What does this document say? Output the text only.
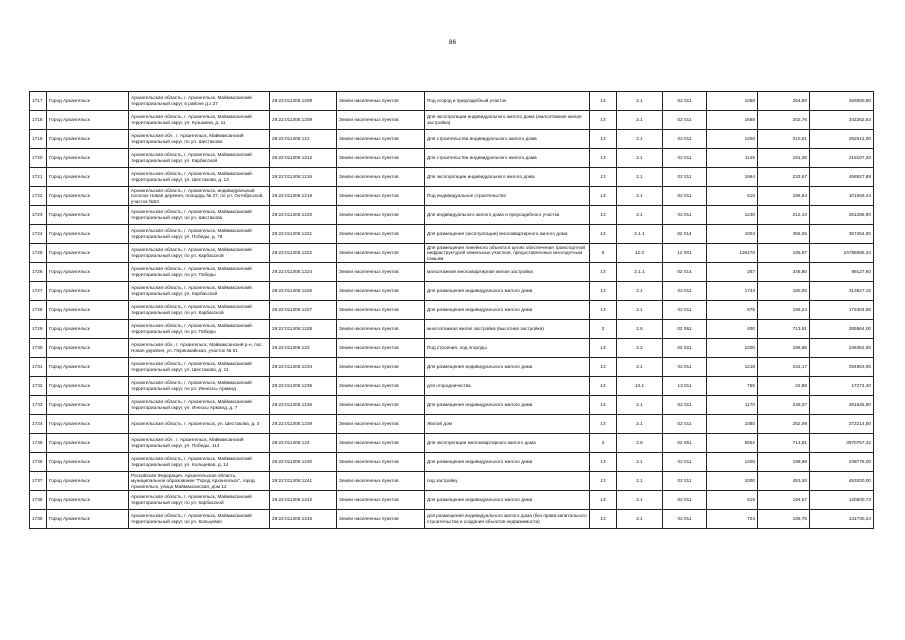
86
1717	Город Архангельск	Архангельская область, г. Архангельск, Маймаксанский территориальный округ, в районе д.з 27	29:22:011306:1208	Земли населенных пунктов	Под огород и приусадебный участок	13	2.1	02 011	1058	254,80	269550,80
1718	Город Архангельск	Архангельская область, г. Архангельск, Маймаксанский территориальный округ, ул. Кузьмина, д. 11	29:22:011306:1209	Земли населенных пунктов	Для эксплуатации индивидуального жилого дома (малоэтажная жилая застройка)	13	2.1	02 011	1688	202,76	342262,64
1719	Город Архангельск	Архангельская обл., г. Архангельск, Маймаксанский территориальный округ, по ул. Шестакова	29:22:011306:121	Земли населенных пунктов	Для строительства индивидуального жилого дома	13	2.1	02 011	1200	210,51	252612,00
1720	Город Архангельск	Архангельская область, г. Архангельск, Маймаксанский территориальный округ, ул. Карбасской	29:22:011306:1212	Земли населенных пунктов	Для строительства индивидуального жилого дома	13	2.1	02 011	1145	191,36	219107,20
1721	Город Архангельск	Архангельская область, г. Архангельск, Маймаксанский территориальный округ, ул. Шестакова, д. 13	29:22:011306:1216	Земли населенных пунктов	Для эксплуатации индивидуального жилого дома	13	2.1	02 011	1964	233,67	458927,88
1722	Город Архангельск	Архангельская область, г. Архангельск, индивидуальный поселок Новая деревня, площадь № 27, по ул. Октябрьской, участок №53	29:22:011306:1219	Земли населенных пунктов	Под индивидуальное строительство	13	2.1	02 011	518	196,84	101569,44
1723	Город Архангельск	Архангельская область, г. Архангельск, Маймаксанский территориальный округ, по ул. Шестакова	29:22:011306:1220	Земли населенных пунктов	Для индивидуального жилого дома и приусадебного участка	13	2.1	02 011	1230	212,43	261288,90
1724	Город Архангельск	Архангельская область, г. Архангельск, Маймаксанский территориальный округ, ул. Победы, д. 78	29:22:011306:1221	Земли населенных пунктов	Для размещения (эксплуатации) многоквартирного жилого дома	13	2.1.1	02 014	1004	366,06	367454,00
1725	Город Архангельск	Архангельская область, г. Архангельск, Маймаксанский территориальный округ, по ул. Карбасской	29:22:011306:1222	Земли населенных пунктов	Для размещения линейного объекта в целях обеспечения транспортной инфраструктурой земельных участков, предоставленных многодетным семьям	6	12.0	12 001	126478	195,97	24785085,34
1726	Город Архангельск	Архангельская область, г. Архангельск, Маймаксанский территориальный округ, по ул. Победы	29:22:011306:1224	Земли населенных пунктов	малоэтажная многоквартирная жилая застройка	13	2.1.1	02 014	257	346,80	89127,60
1727	Город Архангельск	Архангельская область, г. Архангельск, Маймаксанский территориальный округ, ул. Карбасской	29:22:011306:1226	Земли населенных пунктов	Для размещения индивидуального жилого дома	13	2.1	02 011	1743	180,05	313827,15
1728	Город Архангельск	Архангельская область, г. Архангельск, Маймаксанский территориальный округ, по ул. Карбасской	29:22:011306:1227	Земли населенных пунктов	Для размещения индивидуального жилого дома	13	2.1	02 011	876	196,24	172404,95
1729	Город Архангельск	Архангельская область, г. Архангельск, Маймаксанский территориальный округ, по ул. Победы	29:22:011306:1228	Земли населенных пунктов	многоэтажная жилая застройка (высотная застройка)	2	2.6	02 061	400	713,91	285564,00
1730	Город Архангельск	Архангельская обл., г. Архангельск, Маймаксанский р-н, пос. Новая деревня, ул. Первомайская, участок № 51	29:22:011306:123	Земли населенных пунктов	Под строения, под огороды	13	2.2	02 021	1200	196,96	236352,00
1731	Город Архангельск	Архангельская область, г. Архангельск, Маймаксанский территориальный округ, ул. Шестакова, д. 11	29:22:011306:1234	Земли населенных пунктов	Для размещения индивидуального жилого дома	13	2.1	02 011	1218	242,17	294963,06
1732	Город Архангельск	Архангельская область, г. Архангельск, Маймаксанский территориальный округ, по ул. Иннессы Арманд	29:22:011306:1235	Земли населенных пунктов	для огородничества	13	13.1	13 011	755	22,88	17274,40
1733	Город Архангельск	Архангельская область, г. Архангельск, Маймаксанский территориальный округ, ул. Инессы Арманд, д. 7	29:22:011306:1236	Земли населенных пунктов	Для размещения индивидуального жилого дома	13	2.1	02 011	1170	249,27	291645,90
1734	Город Архангельск	Архангельская область, г. Архангельск, ул. Шестакова, д. 3	29:22:011306:1239	Земли населенных пунктов	Жилой дом	13	2.1	02 011	1080	252,09	272214,00
1735	Город Архангельск	Архангельская обл., г. Архангельск, Маймаксанский территориальный округ, ул. Победы, 114	29:22:011306:124	Земли населенных пунктов	Для эксплуатации многоквартирного жилого дома	2	2.5	02 051	5562	713,91	3970767,42
1736	Город Архангельск	Архангельская область, г. Архангельск, Маймаксанский территориальный округ, ул. Кольцевая, д. 14	29:22:011306:1240	Земли населенных пунктов	Для размещения индивидуального жилого дома	13	2.1	02 011	1200	198,98	238776,00
1737	Город Архангельск	Российская Федерация, Архангельская область, муниципальное образование "Город Архангельск", город Архангельск, улица Маймаксанская, дом 12	29:22:011306:1241	Земли населенных пунктов	под застройку	13	2.1	02 011	1000	453,20	453200,00
1738	Город Архангельск	Архангельская область, г. Архангельск, Маймаксанский территориальный округ, по ул. Карбасской	29:22:011306:1242	Земли населенных пунктов	Для размещения индивидуального жилого дома	13	2.1	02 011	619	194,67	120500,73
1739	Город Архангельск	Архангельская область, г. Архангельск, Маймаксанский территориальный округ, по ул. Кольцевая	29:22:011306:1246	Земли населенных пунктов	для размещения индивидуального жилого дома (без права капитального строительства и создания объектов недвижимости)	13	2.1	02 011	724	195,76	141730,24
